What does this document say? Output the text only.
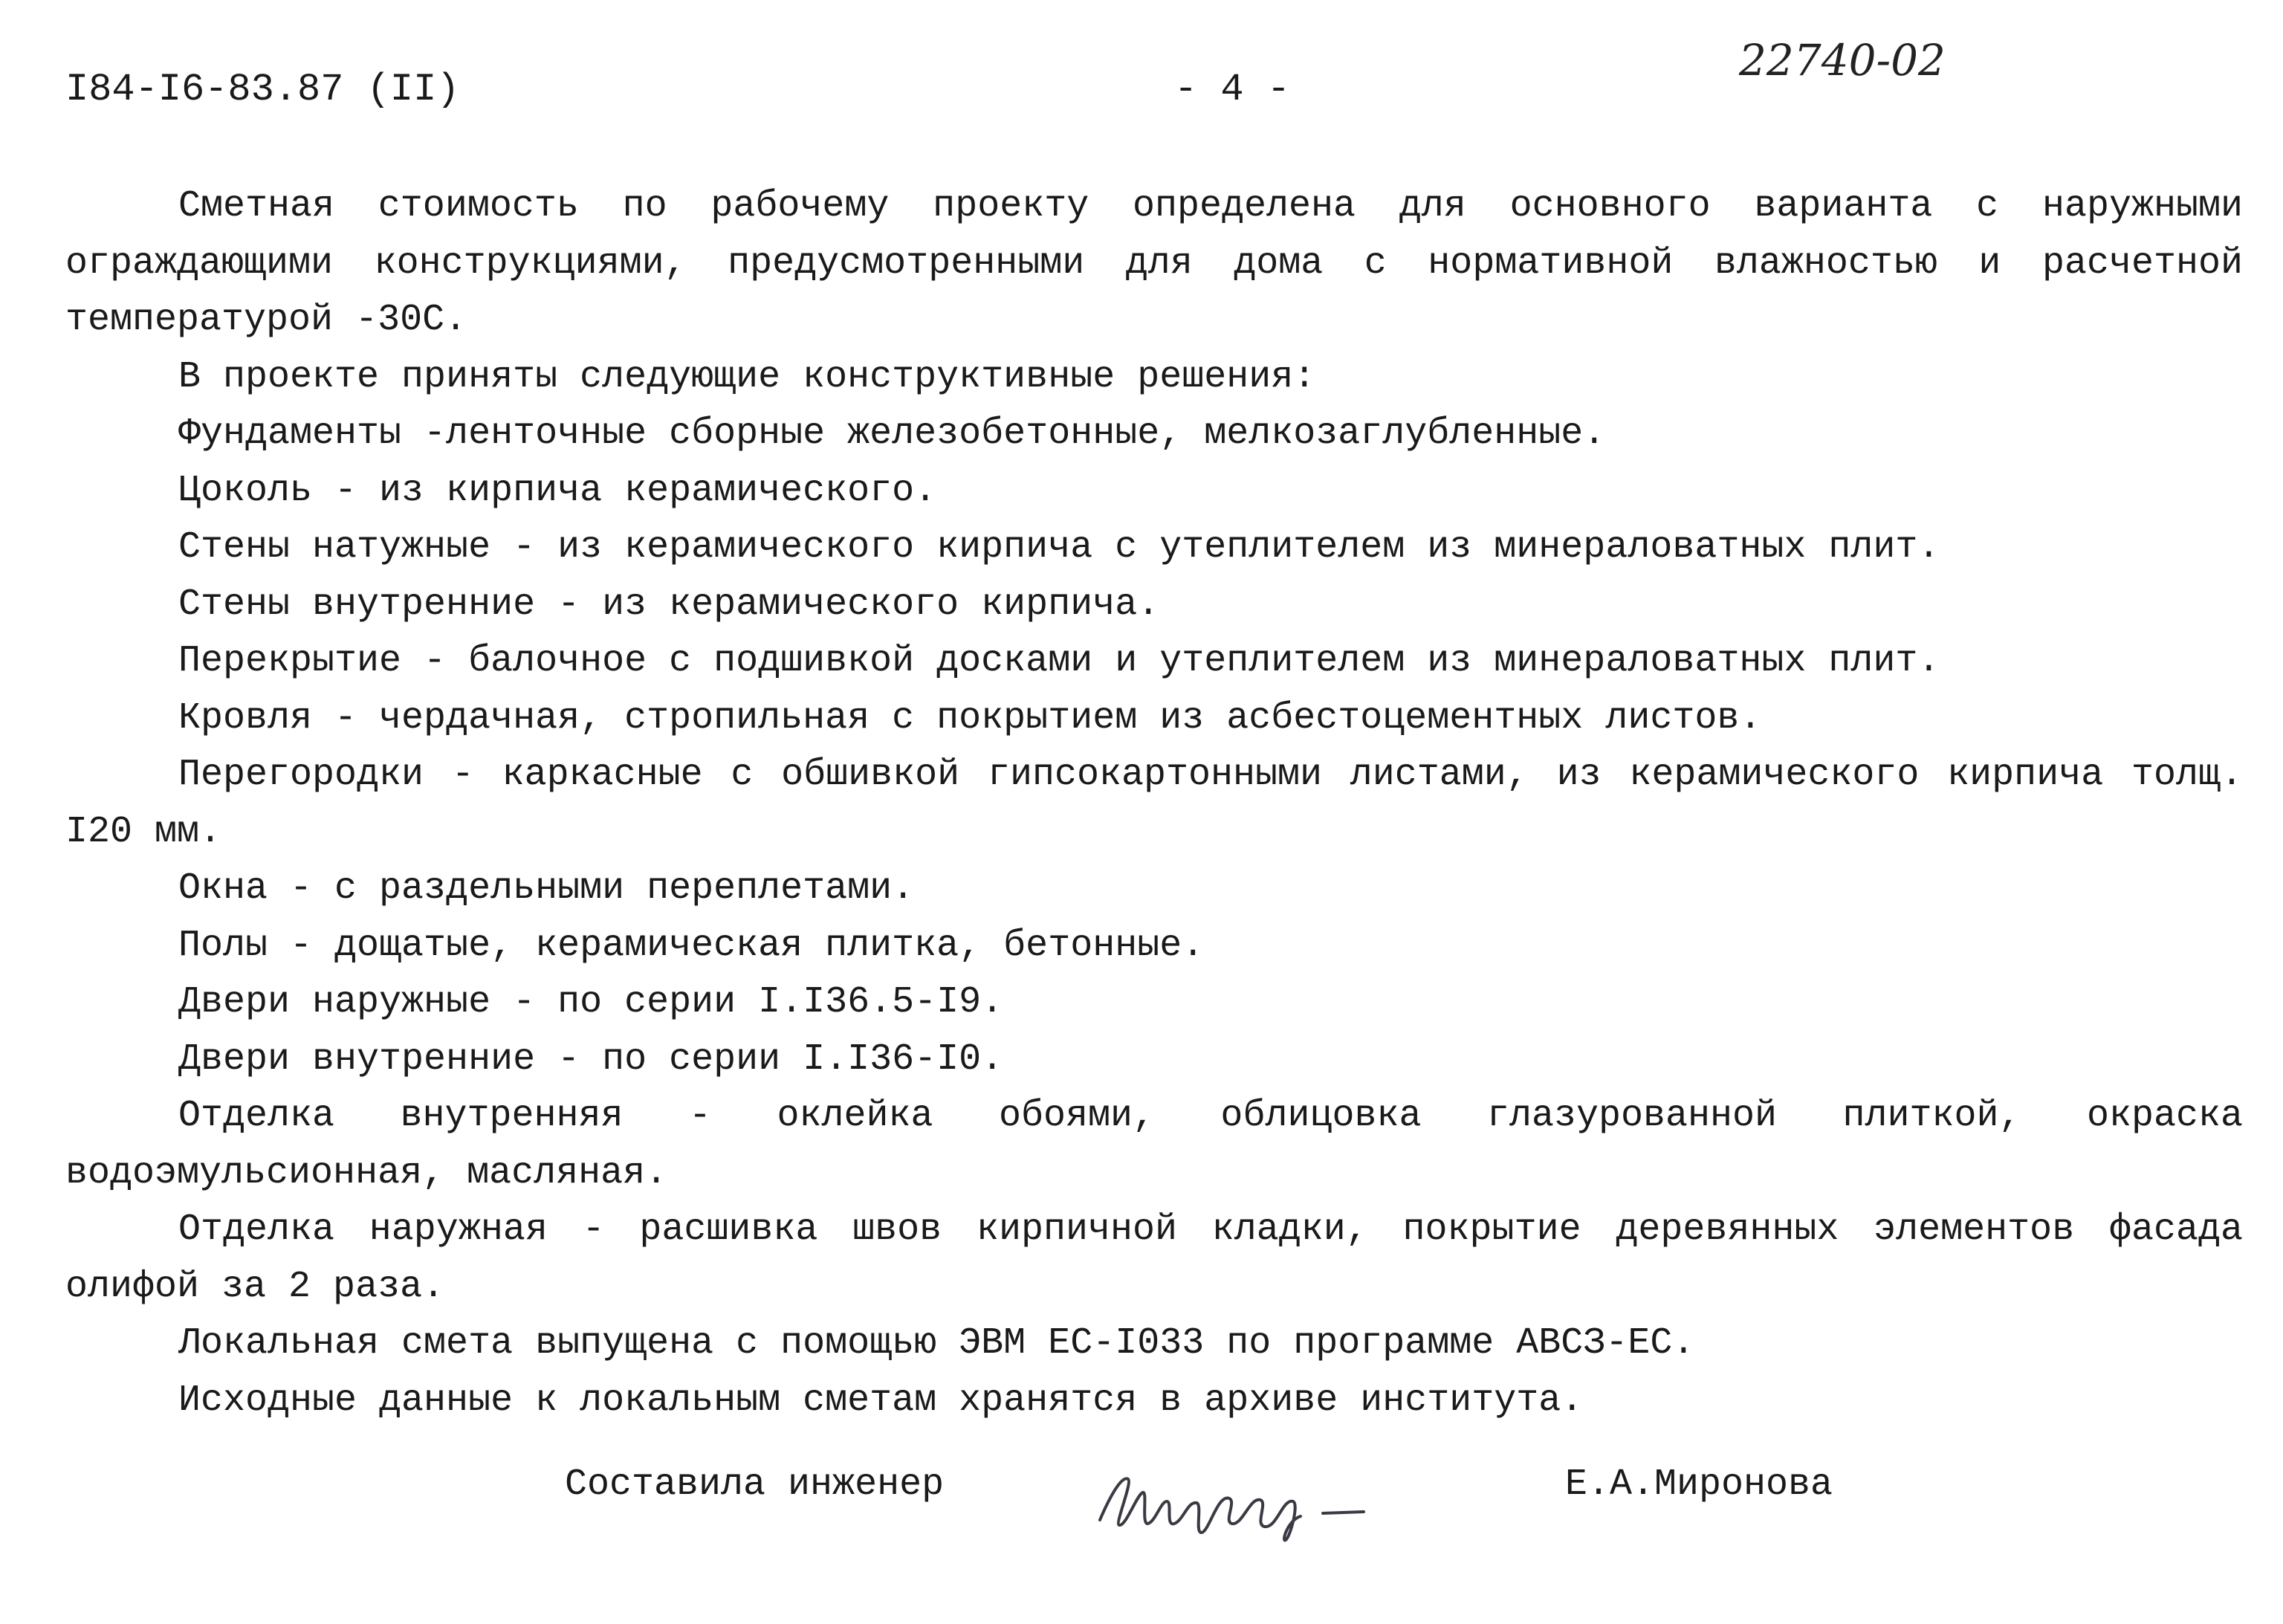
I84-I6-83.87 (II)	- 4 -
22740-02

Сметная стоимость по рабочему проекту определена для основного варианта с наружными ограждающими конструкциями, предусмотренными для дома с нормативной влажностью и расчетной температурой -30С.

В проекте приняты следующие конструктивные решения:

Фундаменты -ленточные сборные железобетонные, мелкозаглубленные.

Цоколь - из кирпича керамического.

Стены натужные - из керамического кирпича с утеплителем из минераловатных плит.

Стены внутренние - из керамического кирпича.

Перекрытие - балочное с подшивкой досками и утеплителем из минераловатных плит.

Кровля - чердачная, стропильная с покрытием из асбестоцементных листов.

Перегородки - каркасные с обшивкой гипсокартонными листами, из керамического кирпича толщ. I20 мм.

Окна - с раздельными переплетами.

Полы - дощатые, керамическая плитка, бетонные.

Двери наружные - по серии I.I36.5-I9.

Двери внутренние - по серии I.I36-I0.

Отделка внутренняя - оклейка обоями, облицовка глазурованной плиткой, окраска водоэмульсионная, масляная.

Отделка наружная - расшивка швов кирпичной кладки, покрытие деревянных элементов фасада олифой за 2 раза.

Локальная смета выпущена с помощью ЭВМ ЕС-I033 по программе АВСЗ-ЕС.

Исходные данные к локальным сметам хранятся в архиве института.

Составила инженер	Е.А.Миронова
